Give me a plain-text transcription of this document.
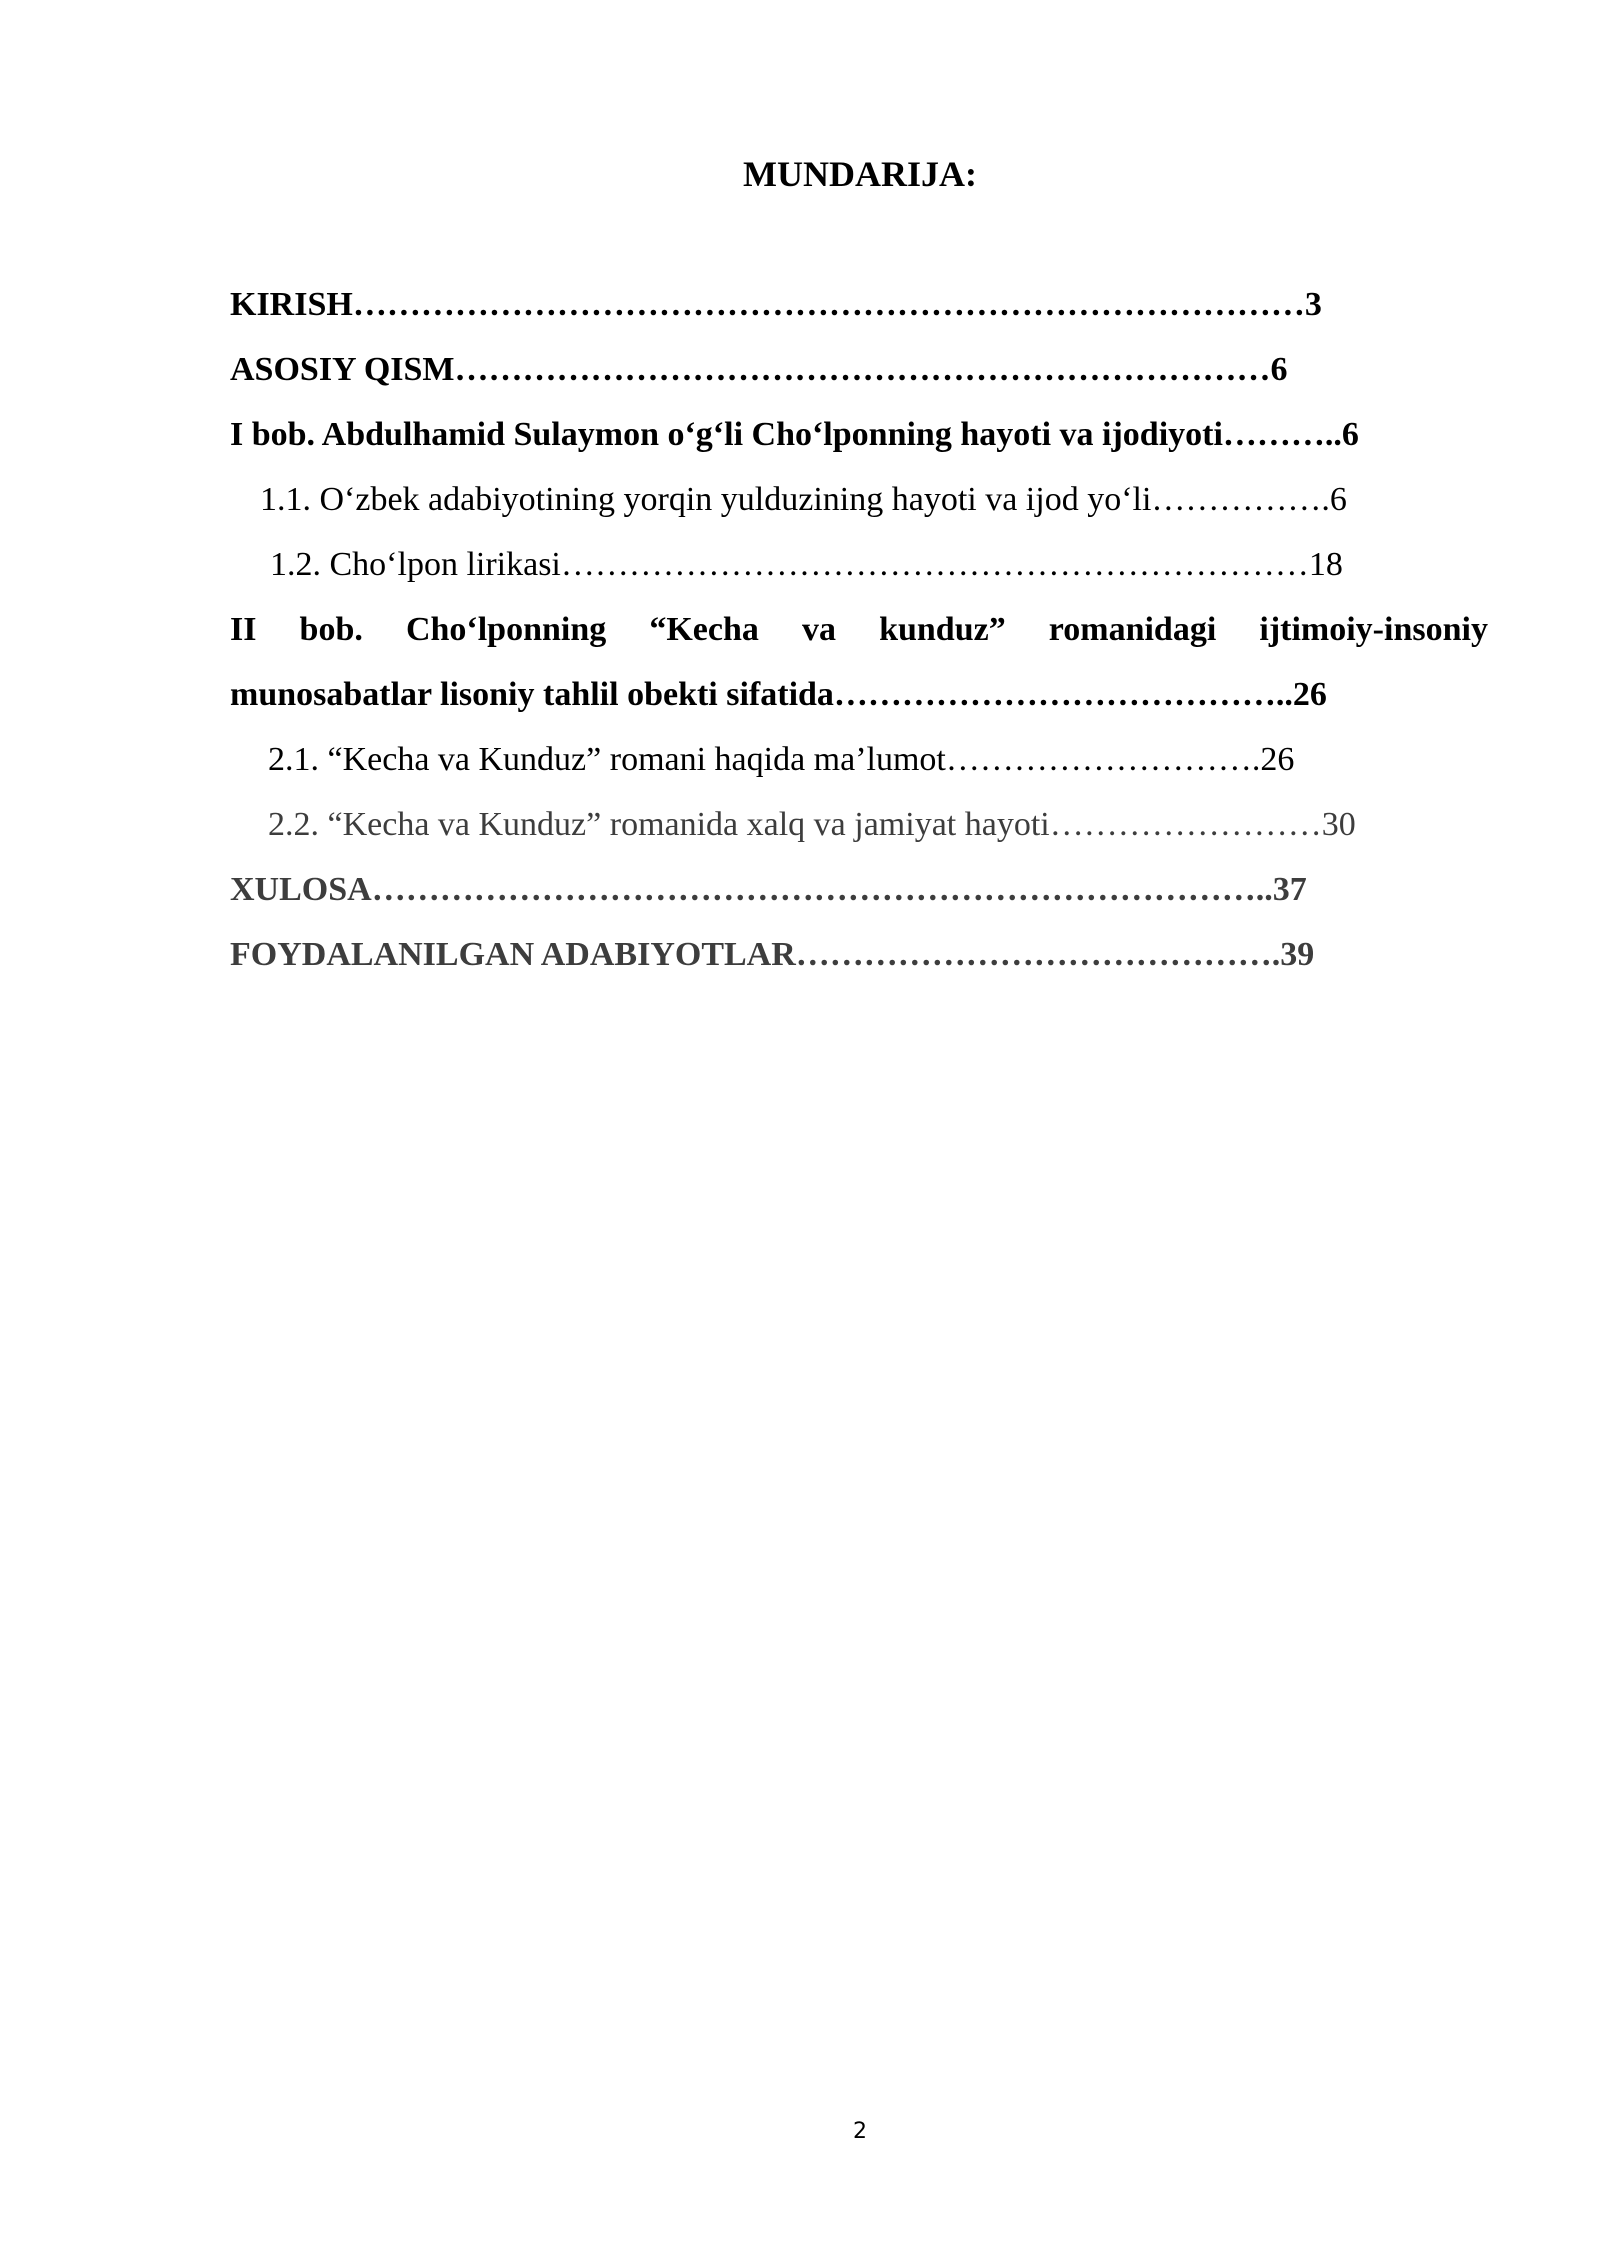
MUNDARIJA:
KIRISH…………………………………………………………………………3
ASOSIY QISM………………………………………………………………6
I bob. Abdulhamid Sulaymon o‘g‘li Cho‘lponning hayoti va ijodiyoti………..6
1.1. O‘zbek adabiyotining yorqin yulduzining hayoti va ijod yo‘li…………….6
1.2. Cho‘lpon lirikasi…………………………………………………………18
II bob. Cho‘lponning “Kecha va kunduz” romanidagi ijtimoiy-insoniy
munosabatlar lisoniy tahlil obekti sifatida…………………………………..26
2.1. “Kecha va Kunduz” romani haqida ma’lumot……………………….26
2.2. “Kecha va Kunduz” romanida xalq va jamiyat hayoti……………………30
XULOSA……………………………………………………………………..37
FOYDALANILGAN ADABIYOTLAR…………………………………….39
2
